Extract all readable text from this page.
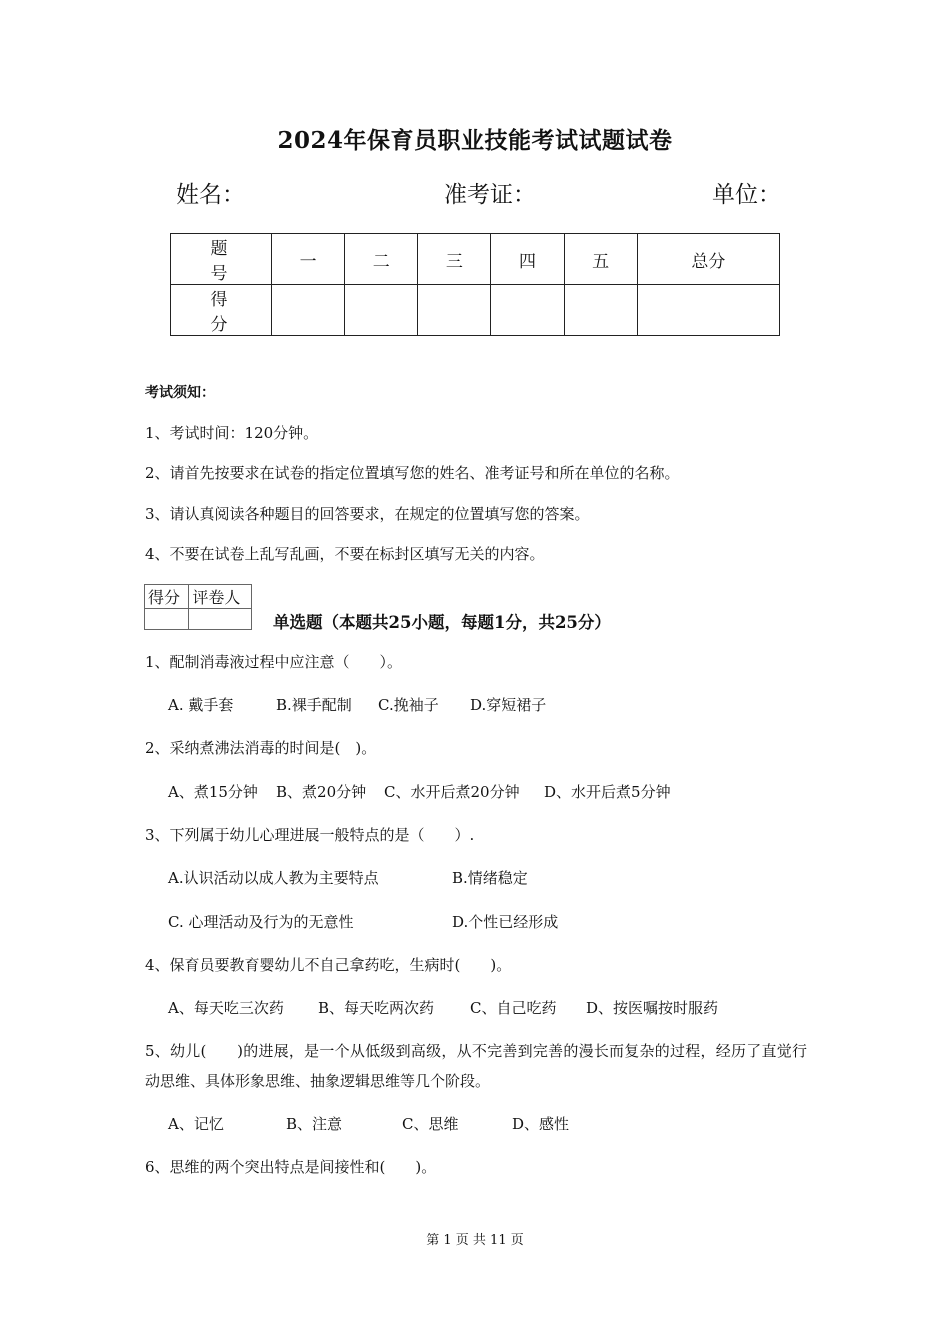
2024年保育员职业技能考试试题试卷
姓名：	准考证：	单位：
题 号	一	二	三	四	五	总分
得 分						
考试须知：
1、考试时间：120分钟。
2、请首先按要求在试卷的指定位置填写您的姓名、准考证号和所在单位的名称。
3、请认真阅读各种题目的回答要求，在规定的位置填写您的答案。
4、不要在试卷上乱写乱画，不要在标封区填写无关的内容。
得分	评卷人

单选题（本题共25小题，每题1分，共25分）
1、配制消毒液过程中应注意（　　）。
A. 戴手套	B.裸手配制 C.挽袖子 D.穿短裙子
2、采纳煮沸法消毒的时间是(　)。
A、煮15分钟 B、煮20分钟 C、水开后煮20分钟 D、水开后煮5分钟
3、下列属于幼儿心理进展一般特点的是（　　）.
A.认识活动以成人教为主要特点	B.情绪稳定
C. 心理活动及行为的无意性	D.个性已经形成
4、保育员要教育婴幼儿不自己拿药吃，生病时(　　)。
A、每天吃三次药 B、每天吃两次药 C、自己吃药 D、按医嘱按时服药
5、幼儿(　　)的进展，是一个从低级到高级，从不完善到完善的漫长而复杂的过程，经历了直觉行动思维、具体形象思维、抽象逻辑思维等几个阶段。
A、记忆	B、注意	C、思维	D、感性
6、思维的两个突出特点是间接性和(　　)。
第 1 页 共 11 页
